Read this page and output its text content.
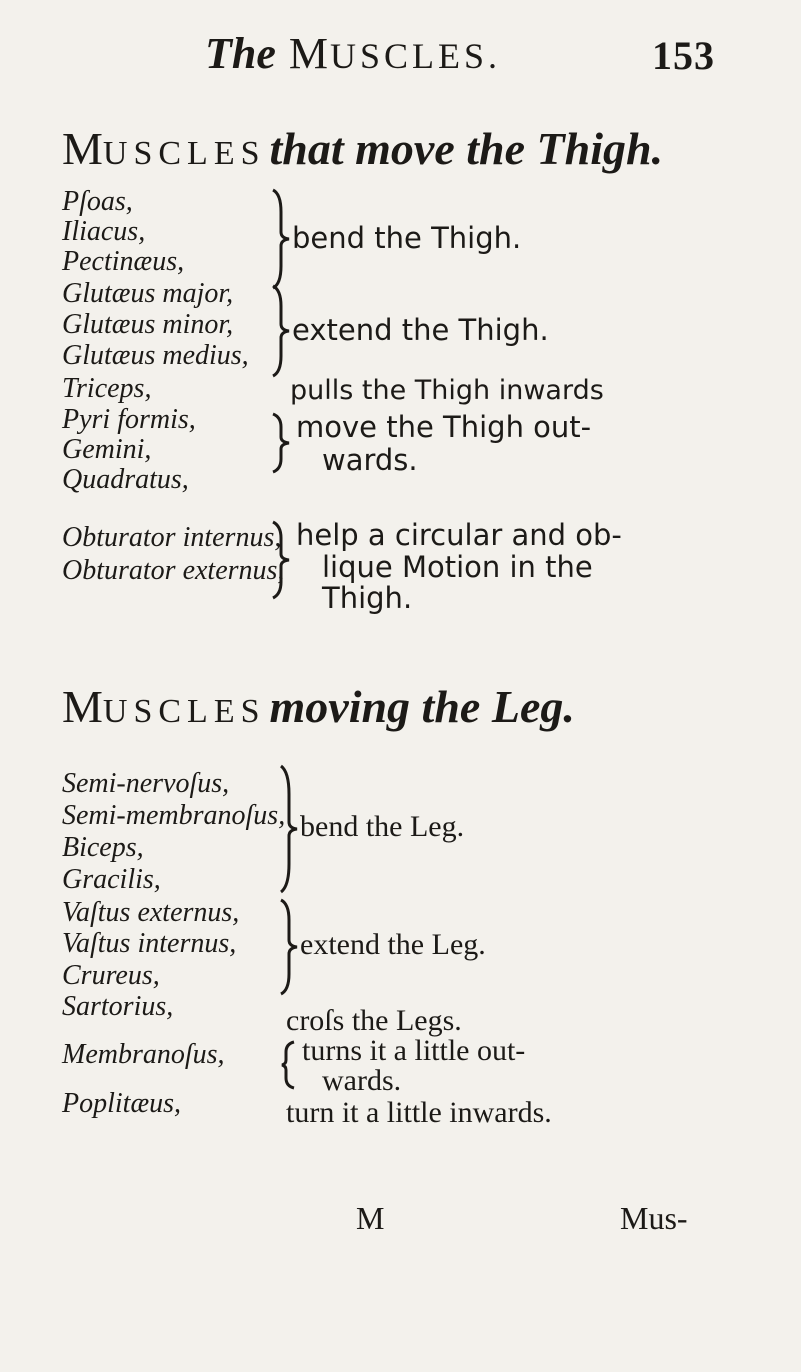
The MUSCLES.	153
MUSCLES that move the Thigh.
Pſoas,
Iliacus,
Pectinæus,
Glutæus major,
Glutæus minor,
Glutæus medius,
Triceps,
Pyri formis,
Gemini,
Quadratus,
Obturator internus,
Obturator externus,
bend the Thigh.
extend the Thigh.
pulls the Thigh inwards
move the Thigh out-
wards.
help a circular and ob-
lique Motion in the
Thigh.
MUSCLES moving the Leg.
Semi-nervoſus,
Semi-membranoſus,
Biceps,
Gracilis,
Vaſtus externus,
Vaſtus internus,
Crureus,
Sartorius,
Membranoſus,
Poplitæus,
bend the Leg.
extend the Leg.
croſs the Legs.
turns it a little out-
wards.
turn it a little inwards.
M	Mus-
